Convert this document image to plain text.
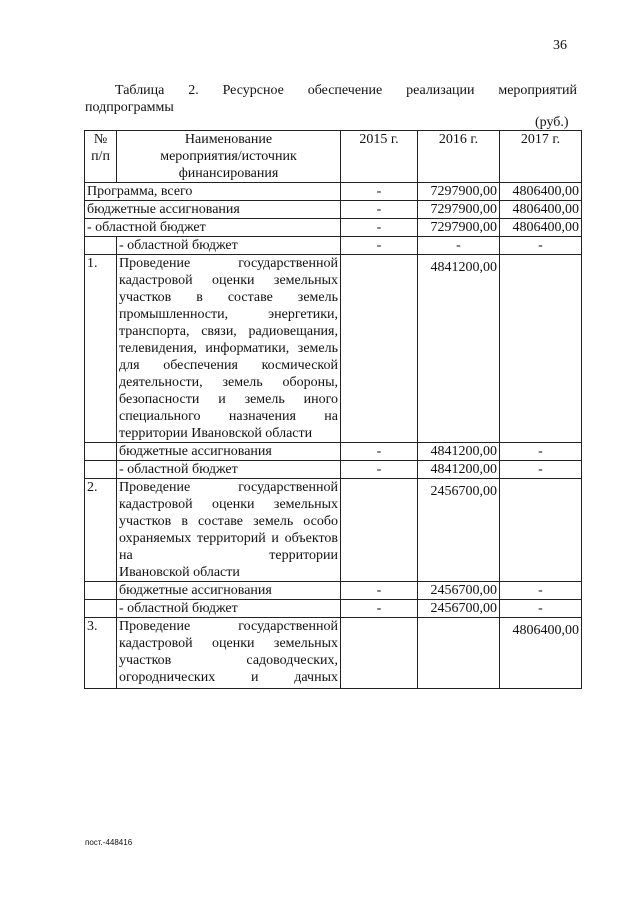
36
Таблица 2. Ресурсное обеспечение реализации мероприятий
подпрограммы
(руб.)
№
п/п	Наименование
мероприятия/источник
финансирования	2015 г.	2016 г.	2017 г.
Программа, всего		-	7297900,00	4806400,00
бюджетные ассигнования		-	7297900,00	4806400,00
- областной бюджет		-	7297900,00	4806400,00
	- областной бюджет	-	-	-
1.	Проведение государственной кадастровой оценки земельных участков в составе земель промышленности, энергетики, транспорта, связи, радиовещания, телевидения, информатики, земель для обеспечения космической деятельности, земель обороны, безопасности и земель иного специального назначения на
территории Ивановской области		4841200,00	
	бюджетные ассигнования	-	4841200,00	-
	- областной бюджет	-	4841200,00	-
2.	Проведение государственной кадастровой оценки земельных участков в составе земель особо охраняемых территорий и объектов на территории
Ивановской области		2456700,00	
	бюджетные ассигнования	-	2456700,00	-
	- областной бюджет	-	2456700,00	-
3.	Проведение государственной кадастровой оценки земельных участков садоводческих, огороднических и дачных			4806400,00
пост.-448416
